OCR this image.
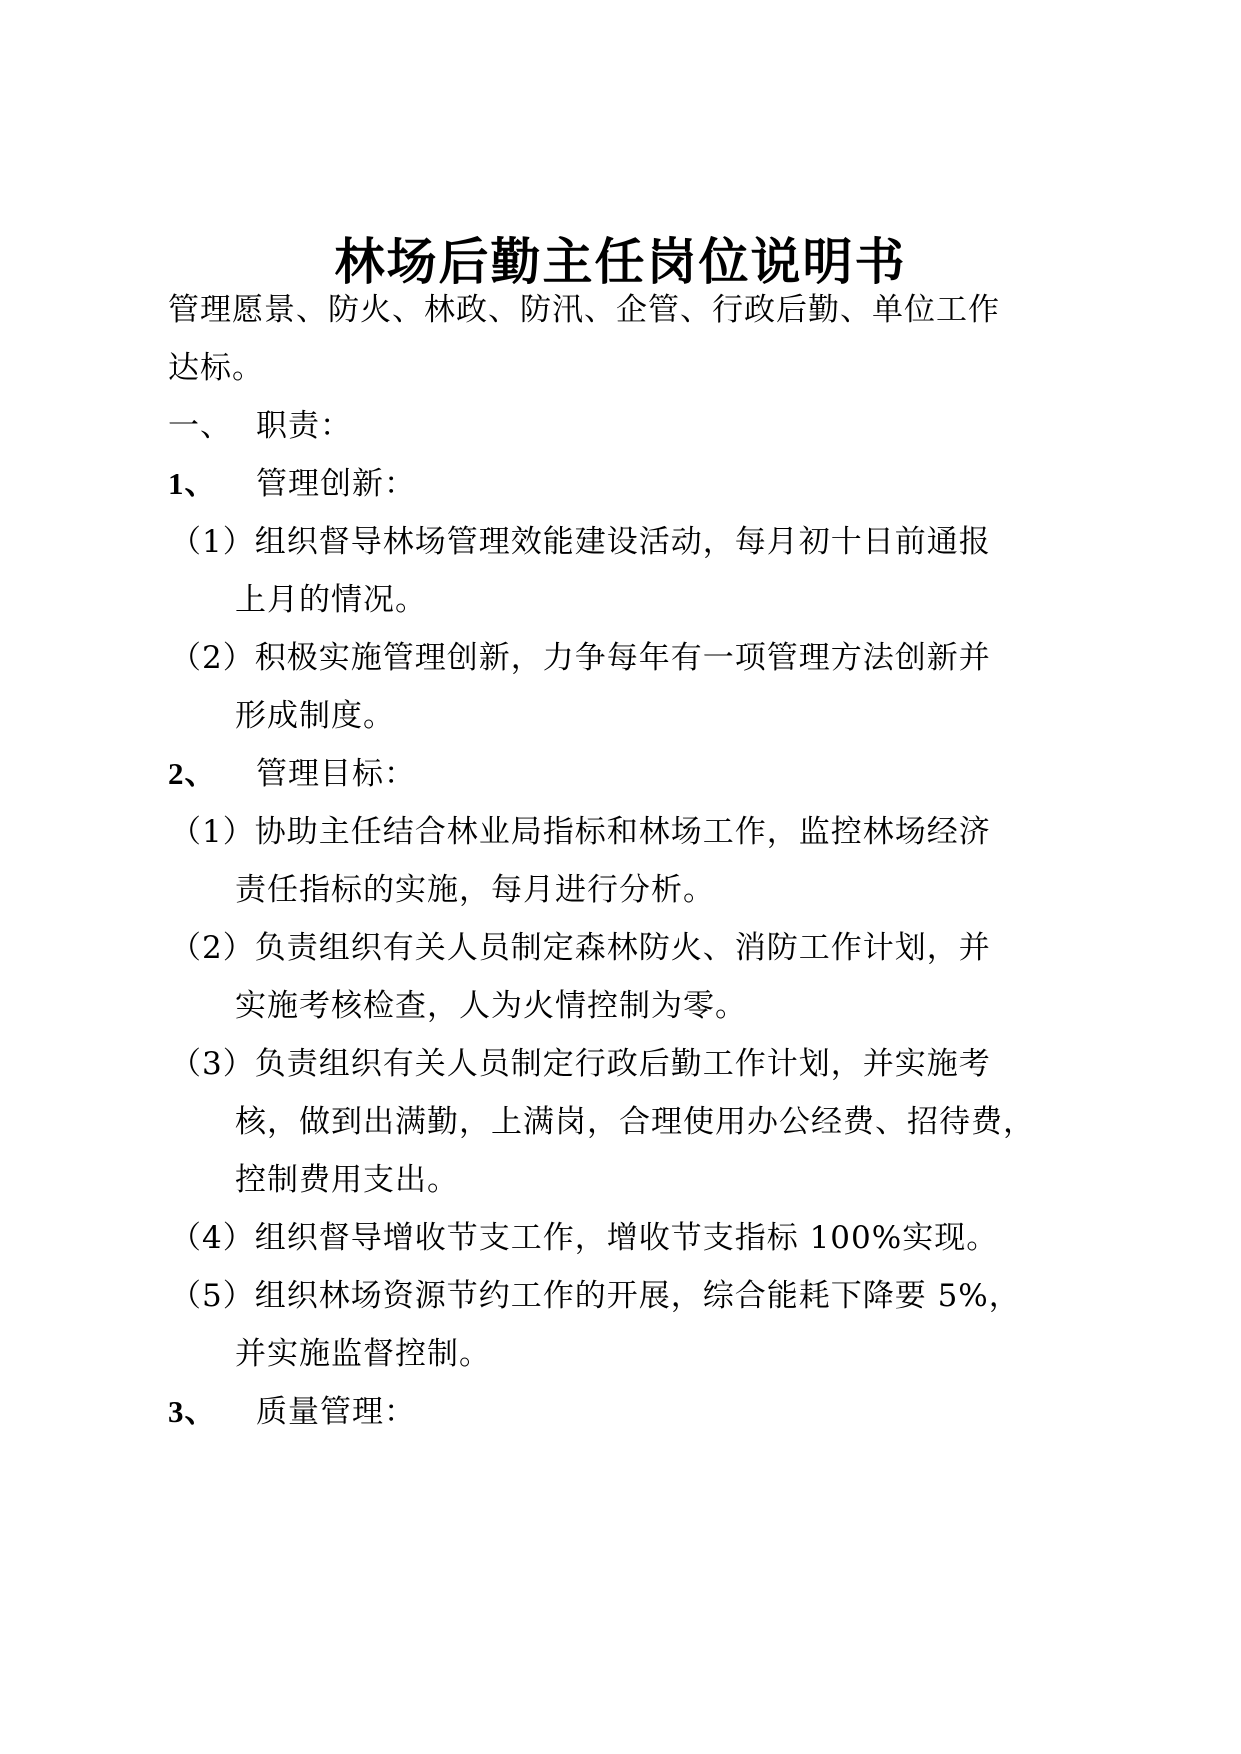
林场后勤主任岗位说明书
管理愿景、防火、林政、防汛、企管、行政后勤、单位工作
达标。
一、 职责：
1、 管理创新：
（1）组织督导林场管理效能建设活动，每月初十日前通报
上月的情况。
（2）积极实施管理创新，力争每年有一项管理方法创新并
形成制度。
2、 管理目标：
（1）协助主任结合林业局指标和林场工作，监控林场经济
责任指标的实施，每月进行分析。
（2）负责组织有关人员制定森林防火、消防工作计划，并
实施考核检查，人为火情控制为零。
（3）负责组织有关人员制定行政后勤工作计划，并实施考
核，做到出满勤，上满岗，合理使用办公经费、招待费，
控制费用支出。
（4）组织督导增收节支工作，增收节支指标 100%实现。
（5）组织林场资源节约工作的开展，综合能耗下降要 5%，
并实施监督控制。
3、 质量管理：
